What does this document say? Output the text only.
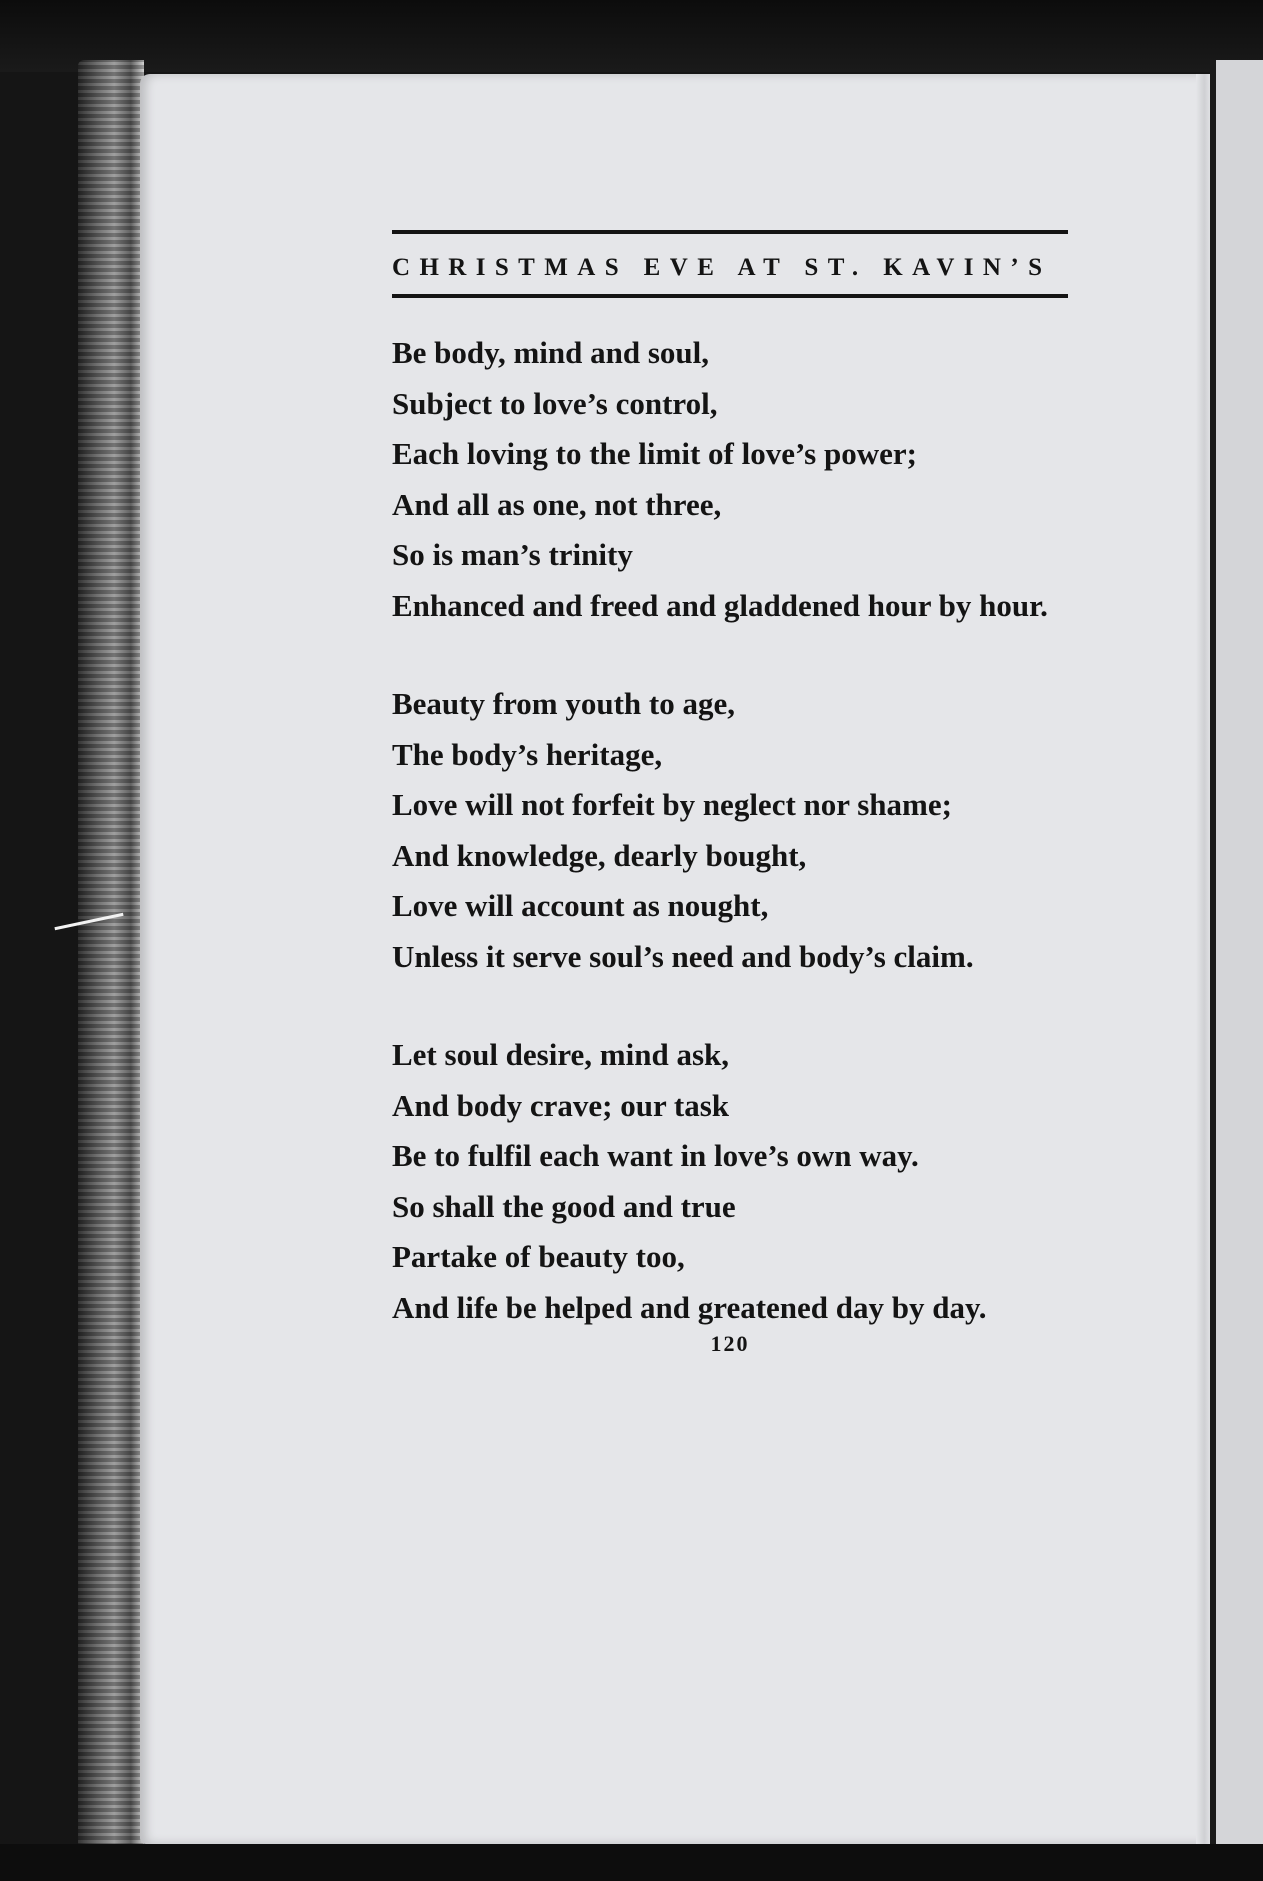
CHRISTMAS EVE AT ST. KAVIN’S
Be body, mind and soul,
Subject to love’s control,
Each loving to the limit of love’s power;
And all as one, not three,
So is man’s trinity
Enhanced and freed and gladdened hour by hour.
Beauty from youth to age,
The body’s heritage,
Love will not forfeit by neglect nor shame;
And knowledge, dearly bought,
Love will account as nought,
Unless it serve soul’s need and body’s claim.
Let soul desire, mind ask,
And body crave; our task
Be to fulfil each want in love’s own way.
So shall the good and true
Partake of beauty too,
And life be helped and greatened day by day.
120
